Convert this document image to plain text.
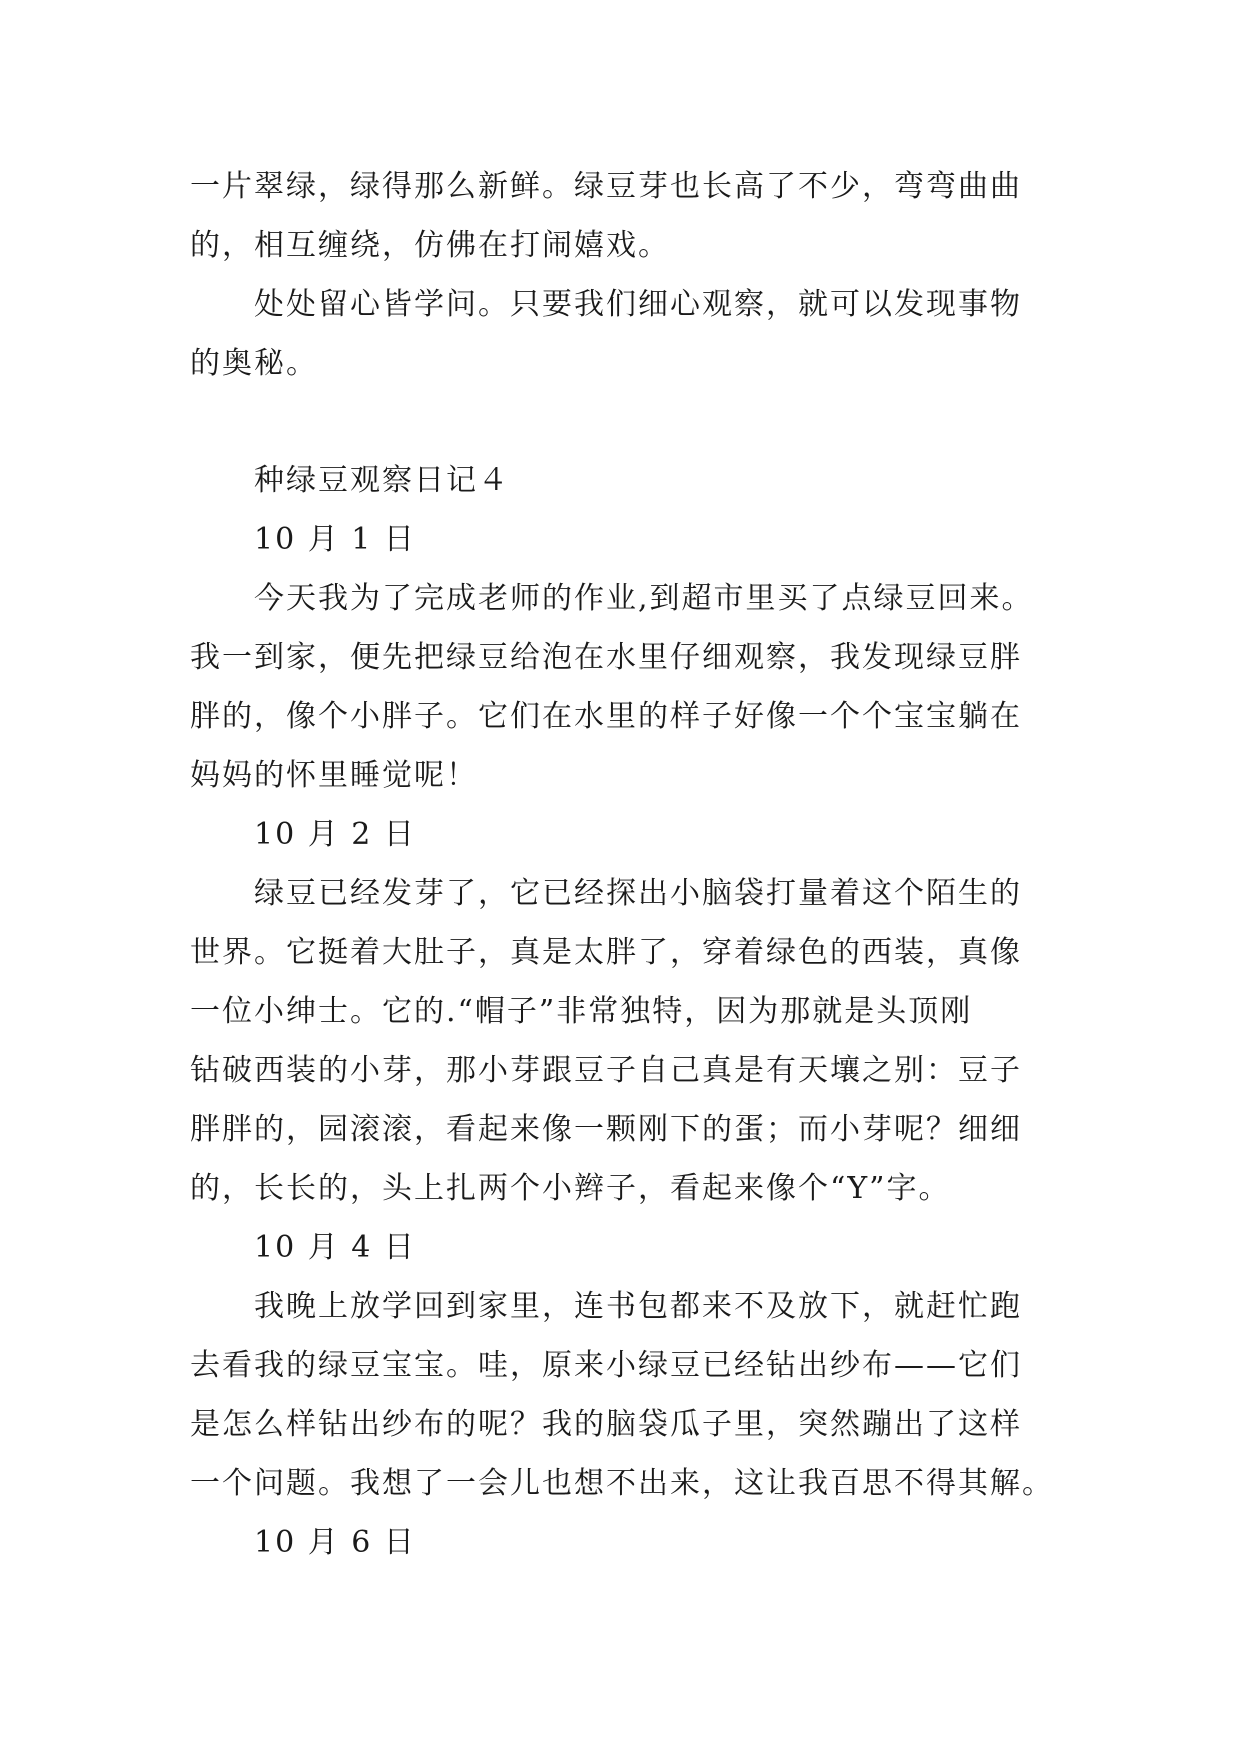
一片翠绿，绿得那么新鲜。绿豆芽也长高了不少，弯弯曲曲
的，相互缠绕，仿佛在打闹嬉戏。

处处留心皆学问。只要我们细心观察，就可以发现事物
的奥秘。

种绿豆观察日记４

10 月 1 日

今天我为了完成老师的作业,到超市里买了点绿豆回来。
我一到家，便先把绿豆给泡在水里仔细观察，我发现绿豆胖
胖的，像个小胖子。它们在水里的样子好像一个个宝宝躺在
妈妈的怀里睡觉呢！

10 月 2 日

绿豆已经发芽了，它已经探出小脑袋打量着这个陌生的
世界。它挺着大肚子，真是太胖了，穿着绿色的西装，真像
一位小绅士。它的.“帽子”非常独特，因为那就是头顶刚
钻破西装的小芽，那小芽跟豆子自己真是有天壤之别：豆子
胖胖的，园滚滚，看起来像一颗刚下的蛋；而小芽呢？细细
的，长长的，头上扎两个小辫子，看起来像个“Y”字。

10 月 4 日

我晚上放学回到家里，连书包都来不及放下，就赶忙跑
去看我的绿豆宝宝。哇，原来小绿豆已经钻出纱布——它们
是怎么样钻出纱布的呢？我的脑袋瓜子里，突然蹦出了这样
一个问题。我想了一会儿也想不出来，这让我百思不得其解。

10 月 6 日
